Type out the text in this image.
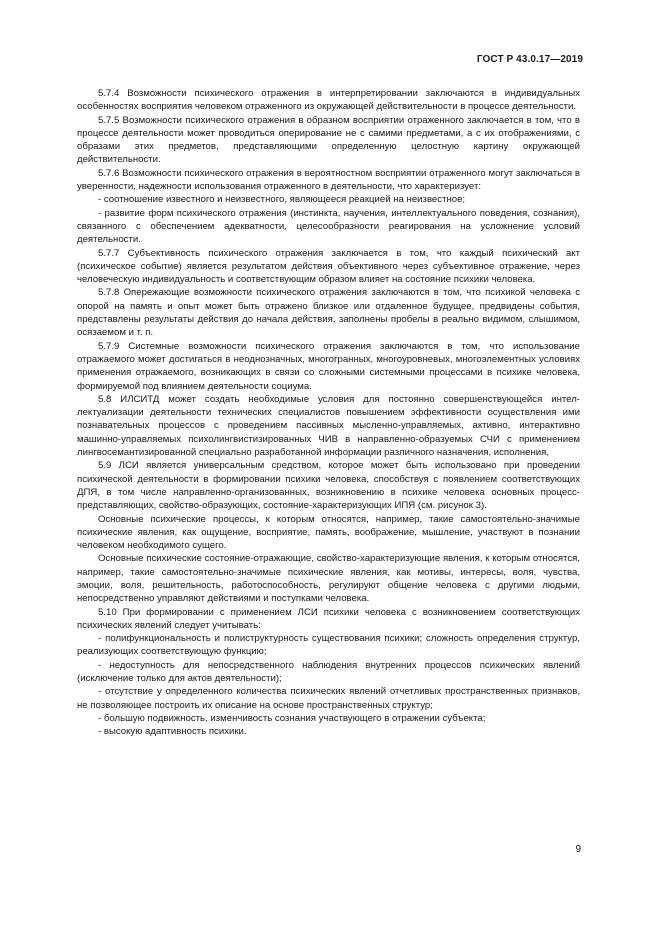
ГОСТ Р 43.0.17—2019

5.7.4 Возможности психического отражения в интерпретировании заключаются в индивидуальных особенностях восприятия человеком отраженного из окружающей действительности в процессе деятельности.

5.7.5 Возможности психического отражения в образном восприятии отраженного заключается в том, что в процессе деятельности может проводиться оперирование не с самими предметами, а с их отображениями, с образами этих предметов, представляющими определенную целостную картину окружающей действительности.

5.7.6 Возможности психического отражения в вероятностном восприятии отраженного могут заключаться в уверенности, надежности использования отраженного в деятельности, что характеризует:

- соотношение известного и неизвестного, являющееся реакцией на неизвестное;

- развитие форм психического отражения (инстинкта, научения, интеллектуального поведения, сознания), связанного с обеспечением адекватности, целесообразности реагирования на усложнение условий деятельности.

5.7.7 Субъективность психического отражения заключается в том, что каждый психический акт (психическое событие) является результатом действия объективного через субъективное отражение, через человеческую индивидуальность и соответствующим образом влияет на состояние психики человека.

5.7.8 Опережающие возможности психического отражения заключаются в том, что психикой человека с опорой на память и опыт может быть отражено близкое или отдаленное будущее, предвидены события, представлены результаты действия до начала действия, заполнены пробелы в реально видимом, слышимом, осязаемом и т. п.

5.7.9 Системные возможности психического отражения заключаются в том, что использование отражаемого может достигаться в неоднозначных, многогранных, многоуровневых, многоэлементных условиях применения отражаемого, возникающих в связи со сложными системными процессами в психике человека, формируемой под влиянием деятельности социума.

5.8 ИЛСИТД может создать необходимые условия для постоянно совершенствующейся интеллектуализации деятельности технических специалистов повышением эффективности осуществления ими познавательных процессов с проведением пассивных мысленно-управляемых, активно, интерактивно машинно-управляемых психолингвистизированных ЧИВ в направленно-образуемых СЧИ с применением лингвосемантизированной специально разработанной информации различного назначения, исполнения,

5.9 ЛСИ является универсальным средством, которое может быть использовано при проведении психической деятельности в формировании психики человека, способствуя с появлением соответствующих ДПЯ, в том числе направленно-организованных, возникновению в психике человека основных процесс-представляющих, свойство-образующих, состояние-характеризующих ИПЯ (см. рисунок 3).

Основные психические процессы, к которым относятся, например, такие самостоятельно-значимые психические явления, как ощущение, восприятие, память, воображение, мышление, участвуют в познании человеком необходимого сущего.

Основные психические состояние-отражающие, свойство-характеризующие явления, к которым относятся, например, такие самостоятельно-значимые психические явления, как мотивы, интересы, воля, чувства, эмоции, воля, решительность, работоспособность, регулируют общение человека с другими людьми, непосредственно управляют действиями и поступками человека.

5.10 При формировании с применением ЛСИ психики человека с возникновением соответствующих психических явлений следует учитывать:

- полифункциональность и полиструктурность существования психики; сложность определения структур, реализующих соответствующую функцию;

- недоступность для непосредственного наблюдения внутренних процессов психических явлений (исключение только для актов деятельности);

- отсутствие у определенного количества психических явлений отчетливых пространственных признаков, не позволяющее построить их описание на основе пространственных структур;

- большую подвижность, изменчивость сознания участвующего в отражении субъекта;

- высокую адаптивность психики.

9
